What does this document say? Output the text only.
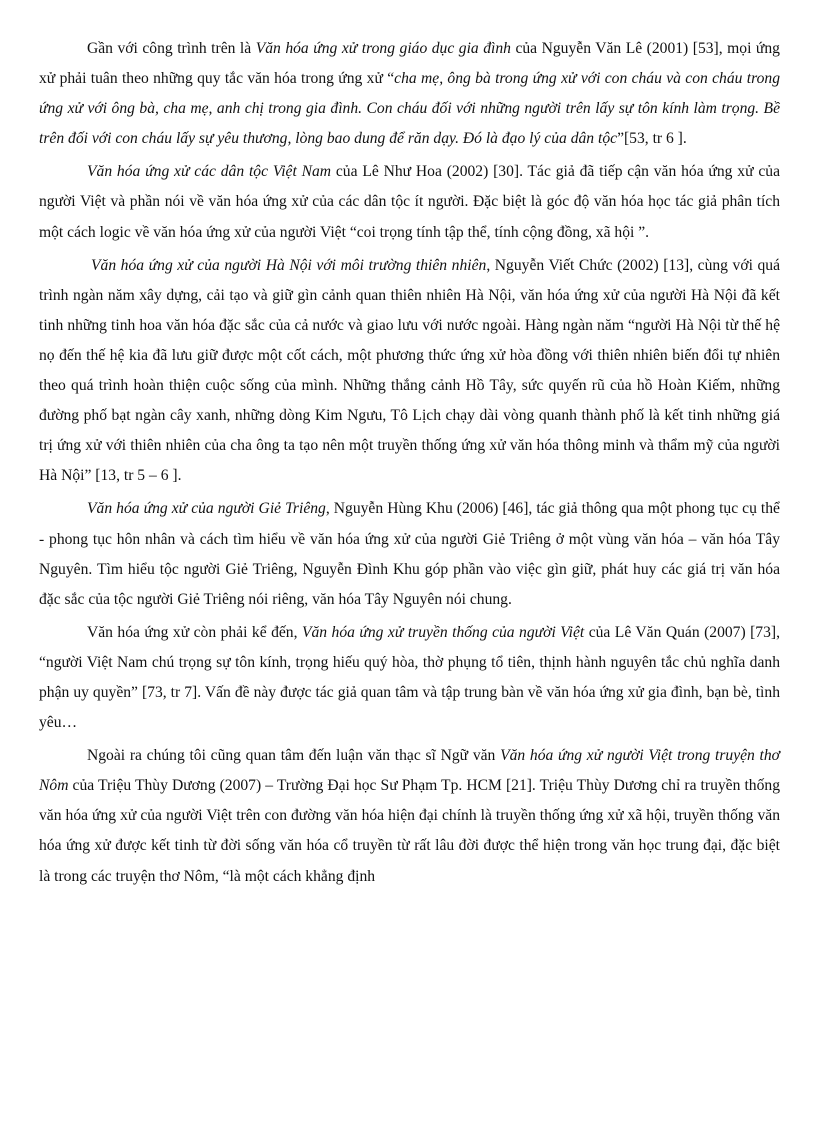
Gần với công trình trên là Văn hóa ứng xử trong giáo dục gia đình của Nguyễn Văn Lê (2001) [53], mọi ứng xử phải tuân theo những quy tắc văn hóa trong ứng xử “cha mẹ, ông bà trong ứng xử với con cháu và con cháu trong ứng xử với ông bà, cha mẹ, anh chị trong gia đình. Con cháu đối với những người trên lấy sự tôn kính làm trọng. Bề trên đối với con cháu lấy sự yêu thương, lòng bao dung để răn dạy. Đó là đạo lý của dân tộc”[53, tr 6 ].

Văn hóa ứng xử các dân tộc Việt Nam của Lê Như Hoa (2002) [30]. Tác giả đã tiếp cận văn hóa ứng xử của người Việt và phần nói về văn hóa ứng xử của các dân tộc ít người. Đặc biệt là góc độ văn hóa học tác giả phân tích một cách logic về văn hóa ứng xử của người Việt “coi trọng tính tập thể, tính cộng đồng, xã hội ”.

Văn hóa ứng xử của người Hà Nội với môi trường thiên nhiên, Nguyễn Viết Chức (2002) [13], cùng với quá trình ngàn năm xây dựng, cải tạo và giữ gìn cảnh quan thiên nhiên Hà Nội, văn hóa ứng xử của người Hà Nội đã kết tinh những tinh hoa văn hóa đặc sắc của cả nước và giao lưu với nước ngoài. Hàng ngàn năm “người Hà Nội từ thế hệ nọ đến thế hệ kia đã lưu giữ được một cốt cách, một phương thức ứng xử hòa đồng với thiên nhiên biến đổi tự nhiên theo quá trình hoàn thiện cuộc sống của mình. Những thắng cảnh Hồ Tây, sức quyến rũ của hồ Hoàn Kiếm, những đường phố bạt ngàn cây xanh, những dòng Kim Ngưu, Tô Lịch chạy dài vòng quanh thành phố là kết tinh những giá trị ứng xử với thiên nhiên của cha ông ta tạo nên một truyền thống ứng xử văn hóa thông minh và thẩm mỹ của người Hà Nội” [13, tr 5 – 6 ].

Văn hóa ứng xử của người Giẻ Triêng, Nguyễn Hùng Khu (2006) [46], tác giả thông qua một phong tục cụ thể - phong tục hôn nhân và cách tìm hiểu về văn hóa ứng xử của người Giẻ Triêng ở một vùng văn hóa – văn hóa Tây Nguyên. Tìm hiểu tộc người Giẻ Triêng, Nguyễn Đình Khu góp phần vào việc gìn giữ, phát huy các giá trị văn hóa đặc sắc của tộc người Giẻ Triêng nói riêng, văn hóa Tây Nguyên nói chung.

Văn hóa ứng xử còn phải kể đến, Văn hóa ứng xử truyền thống của người Việt của Lê Văn Quán (2007) [73], “người Việt Nam chú trọng sự tôn kính, trọng hiếu quý hòa, thờ phụng tổ tiên, thịnh hành nguyên tắc chủ nghĩa danh phận uy quyền” [73, tr 7]. Vấn đề này được tác giả quan tâm và tập trung bàn về văn hóa ứng xử gia đình, bạn bè, tình yêu…

Ngoài ra chúng tôi cũng quan tâm đến luận văn thạc sĩ Ngữ văn Văn hóa ứng xử người Việt trong truyện thơ Nôm của Triệu Thùy Dương (2007) – Trường Đại học Sư Phạm Tp. HCM [21]. Triệu Thùy Dương chỉ ra truyền thống văn hóa ứng xử của người Việt trên con đường văn hóa hiện đại chính là truyền thống ứng xử xã hội, truyền thống văn hóa ứng xử được kết tinh từ đời sống văn hóa cổ truyền từ rất lâu đời được thể hiện trong văn học trung đại, đặc biệt là trong các truyện thơ Nôm, “là một cách khẳng định
